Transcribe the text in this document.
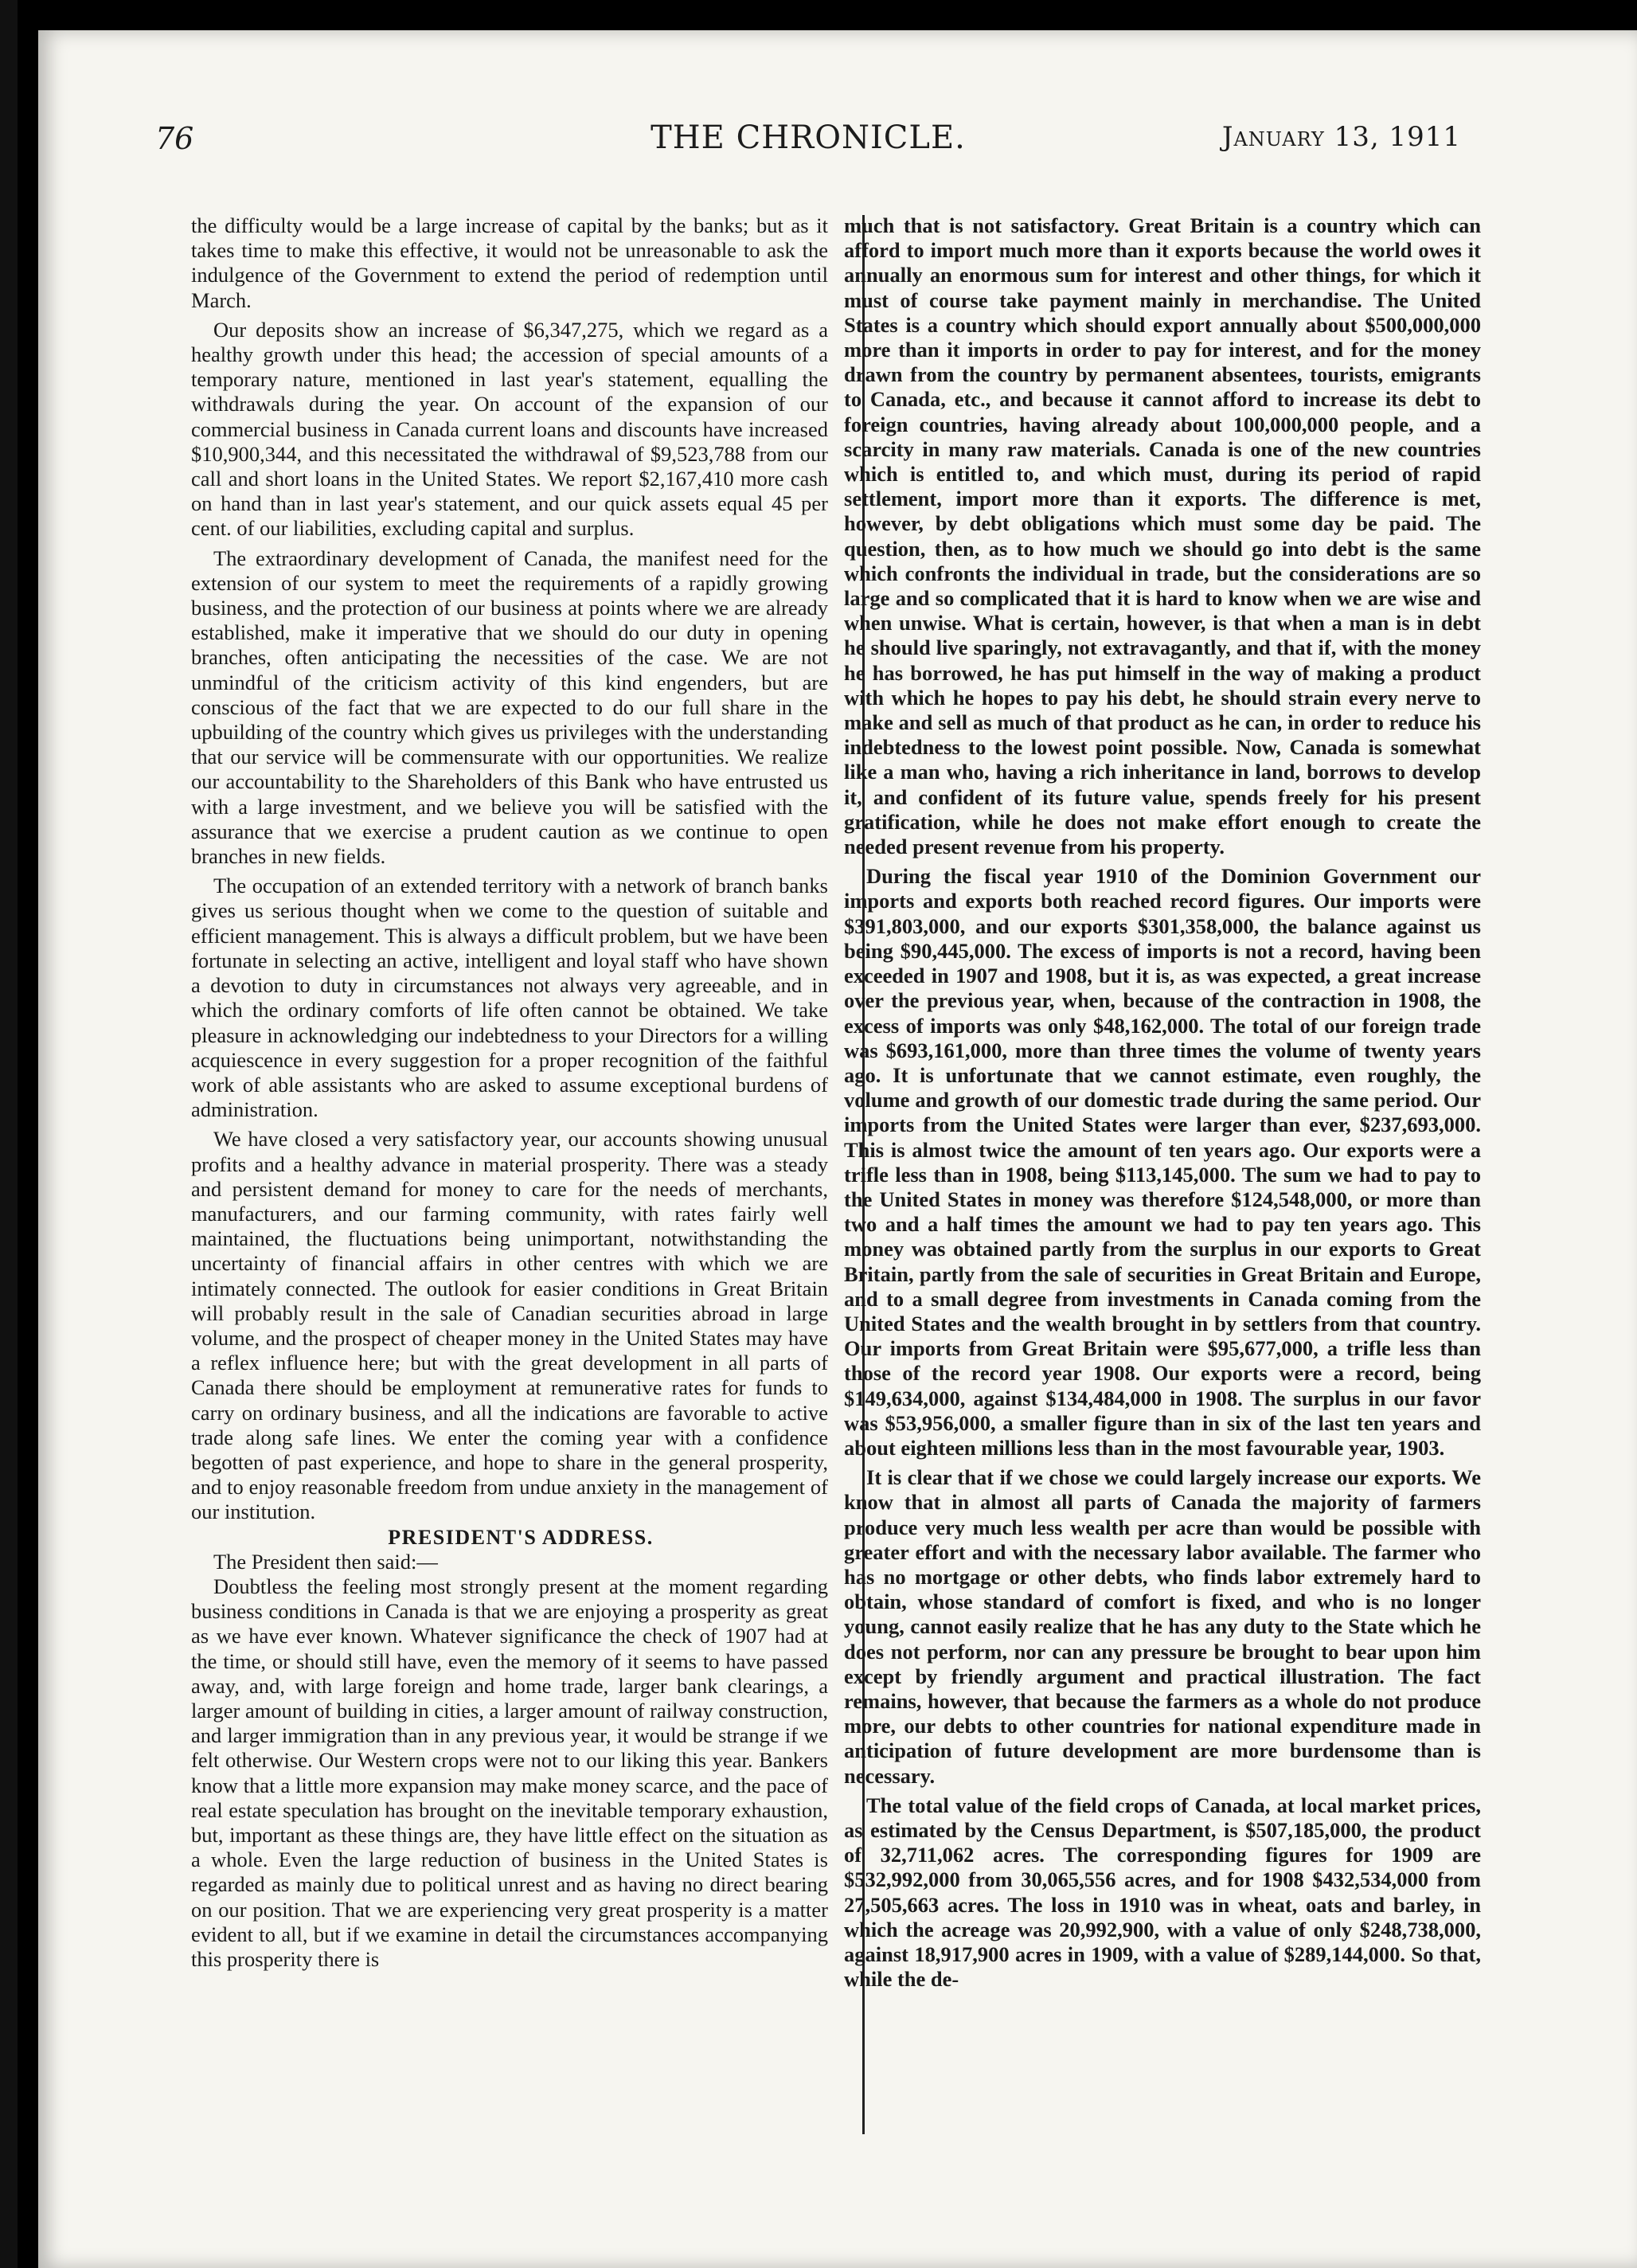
76	THE CHRONICLE.	January 13, 1911

the difficulty would be a large increase of capital by the banks; but as it takes time to make this effective, it would not be unreasonable to ask the indulgence of the Government to extend the period of redemption until March.

Our deposits show an increase of $6,347,275, which we regard as a healthy growth under this head; the accession of special amounts of a temporary nature, mentioned in last year's statement, equalling the withdrawals during the year. On account of the expansion of our commercial business in Canada current loans and discounts have increased $10,900,344, and this necessitated the withdrawal of $9,523,788 from our call and short loans in the United States. We report $2,167,410 more cash on hand than in last year's statement, and our quick assets equal 45 per cent. of our liabilities, excluding capital and surplus.

The extraordinary development of Canada, the manifest need for the extension of our system to meet the requirements of a rapidly growing business, and the protection of our business at points where we are already established, make it imperative that we should do our duty in opening branches, often anticipating the necessities of the case. We are not unmindful of the criticism activity of this kind engenders, but are conscious of the fact that we are expected to do our full share in the upbuilding of the country which gives us privileges with the understanding that our service will be commensurate with our opportunities. We realize our accountability to the Shareholders of this Bank who have entrusted us with a large investment, and we believe you will be satisfied with the assurance that we exercise a prudent caution as we continue to open branches in new fields.

The occupation of an extended territory with a network of branch banks gives us serious thought when we come to the question of suitable and efficient management. This is always a difficult problem, but we have been fortunate in selecting an active, intelligent and loyal staff who have shown a devotion to duty in circumstances not always very agreeable, and in which the ordinary comforts of life often cannot be obtained. We take pleasure in acknowledging our indebtedness to your Directors for a willing acquiescence in every suggestion for a proper recognition of the faithful work of able assistants who are asked to assume exceptional burdens of administration.

We have closed a very satisfactory year, our accounts showing unusual profits and a healthy advance in material prosperity. There was a steady and persistent demand for money to care for the needs of merchants, manufacturers, and our farming community, with rates fairly well maintained, the fluctuations being unimportant, notwithstanding the uncertainty of financial affairs in other centres with which we are intimately connected. The outlook for easier conditions in Great Britain will probably result in the sale of Canadian securities abroad in large volume, and the prospect of cheaper money in the United States may have a reflex influence here; but with the great development in all parts of Canada there should be employment at remunerative rates for funds to carry on ordinary business, and all the indications are favorable to active trade along safe lines. We enter the coming year with a confidence begotten of past experience, and hope to share in the general prosperity, and to enjoy reasonable freedom from undue anxiety in the management of our institution.

PRESIDENT'S ADDRESS.

The President then said:—

Doubtless the feeling most strongly present at the moment regarding business conditions in Canada is that we are enjoying a prosperity as great as we have ever known. Whatever significance the check of 1907 had at the time, or should still have, even the memory of it seems to have passed away, and, with large foreign and home trade, larger bank clearings, a larger amount of building in cities, a larger amount of railway construction, and larger immigration than in any previous year, it would be strange if we felt otherwise. Our Western crops were not to our liking this year. Bankers know that a little more expansion may make money scarce, and the pace of real estate speculation has brought on the inevitable temporary exhaustion, but, important as these things are, they have little effect on the situation as a whole. Even the large reduction of business in the United States is regarded as mainly due to political unrest and as having no direct bearing on our position. That we are experiencing very great prosperity is a matter evident to all, but if we examine in detail the circumstances accompanying this prosperity there is

much that is not satisfactory. Great Britain is a country which can afford to import much more than it exports because the world owes it annually an enormous sum for interest and other things, for which it must of course take payment mainly in merchandise. The United States is a country which should export annually about $500,000,000 more than it imports in order to pay for interest, and for the money drawn from the country by permanent absentees, tourists, emigrants to Canada, etc., and because it cannot afford to increase its debt to foreign countries, having already about 100,000,000 people, and a scarcity in many raw materials. Canada is one of the new countries which is entitled to, and which must, during its period of rapid settlement, import more than it exports. The difference is met, however, by debt obligations which must some day be paid. The question, then, as to how much we should go into debt is the same which confronts the individual in trade, but the considerations are so large and so complicated that it is hard to know when we are wise and when unwise. What is certain, however, is that when a man is in debt he should live sparingly, not extravagantly, and that if, with the money he has borrowed, he has put himself in the way of making a product with which he hopes to pay his debt, he should strain every nerve to make and sell as much of that product as he can, in order to reduce his indebtedness to the lowest point possible. Now, Canada is somewhat like a man who, having a rich inheritance in land, borrows to develop it, and confident of its future value, spends freely for his present gratification, while he does not make effort enough to create the needed present revenue from his property.

During the fiscal year 1910 of the Dominion Government our imports and exports both reached record figures. Our imports were $391,803,000, and our exports $301,358,000, the balance against us being $90,445,000. The excess of imports is not a record, having been exceeded in 1907 and 1908, but it is, as was expected, a great increase over the previous year, when, because of the contraction in 1908, the excess of imports was only $48,162,000. The total of our foreign trade was $693,161,000, more than three times the volume of twenty years ago. It is unfortunate that we cannot estimate, even roughly, the volume and growth of our domestic trade during the same period. Our imports from the United States were larger than ever, $237,693,000. This is almost twice the amount of ten years ago. Our exports were a trifle less than in 1908, being $113,145,000. The sum we had to pay to the United States in money was therefore $124,548,000, or more than two and a half times the amount we had to pay ten years ago. This money was obtained partly from the surplus in our exports to Great Britain, partly from the sale of securities in Great Britain and Europe, and to a small degree from investments in Canada coming from the United States and the wealth brought in by settlers from that country. Our imports from Great Britain were $95,677,000, a trifle less than those of the record year 1908. Our exports were a record, being $149,634,000, against $134,484,000 in 1908. The surplus in our favor was $53,956,000, a smaller figure than in six of the last ten years and about eighteen millions less than in the most favourable year, 1903.

It is clear that if we chose we could largely increase our exports. We know that in almost all parts of Canada the majority of farmers produce very much less wealth per acre than would be possible with greater effort and with the necessary labor available. The farmer who has no mortgage or other debts, who finds labor extremely hard to obtain, whose standard of comfort is fixed, and who is no longer young, cannot easily realize that he has any duty to the State which he does not perform, nor can any pressure be brought to bear upon him except by friendly argument and practical illustration. The fact remains, however, that because the farmers as a whole do not produce more, our debts to other countries for national expenditure made in anticipation of future development are more burdensome than is necessary.

The total value of the field crops of Canada, at local market prices, as estimated by the Census Department, is $507,185,000, the product of 32,711,062 acres. The corresponding figures for 1909 are $532,992,000 from 30,065,556 acres, and for 1908 $432,534,000 from 27,505,663 acres. The loss in 1910 was in wheat, oats and barley, in which the acreage was 20,992,900, with a value of only $248,738,000, against 18,917,900 acres in 1909, with a value of $289,144,000. So that, while the de-
